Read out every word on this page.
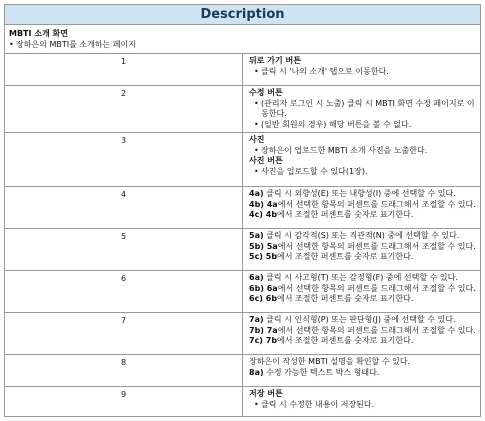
Description	

MBTI 소개 화면
• 장하은의 MBTI를 소개하는 페이지

1	뒤로 가기 버튼
• 클릭 시 '나의 소개' 탭으로 이동한다.

2	수정 버튼
• (관리자 로그인 시 노출) 클릭 시 MBTI 화면 수정 페이지로 이동한다.
• (일반 회원의 경우) 해당 버튼을 볼 수 없다.

3	사진
• 장하은이 업로드한 MBTI 소개 사진을 노출한다.
사진 버튼
• 사진을 업로드할 수 있다(1장).

4	4a) 클릭 시 외향성(E) 또는 내향성(I) 중에 선택할 수 있다.
4b) 4a에서 선택한 항목의 퍼센트를 드래그해서 조절할 수 있다.
4c) 4b에서 조절한 퍼센트를 숫자로 표기한다.

5	5a) 클릭 시 감각적(S) 또는 직관적(N) 중에 선택할 수 있다.
5b) 5a에서 선택한 항목의 퍼센트를 드래그해서 조절할 수 있다.
5c) 5b에서 조절한 퍼센트를 숫자로 표기한다.

6	6a) 클릭 시 사고형(T) 또는 감정형(F) 중에 선택할 수 있다.
6b) 6a에서 선택한 항목의 퍼센트를 드래그해서 조절할 수 있다.
6c) 6b에서 조절한 퍼센트를 숫자로 표기한다.

7	7a) 클릭 시 인식형(P) 또는 판단형(J) 중에 선택할 수 있다.
7b) 7a에서 선택한 항목의 퍼센트를 드래그해서 조절할 수 있다.
7c) 7b에서 조절한 퍼센트를 숫자로 표기한다.

8	장하은이 작성한 MBTI 설명을 확인할 수 있다.
8a) 수정 가능한 텍스트 박스 형태다.

9	저장 버튼
• 클릭 시 수정한 내용이 저장된다.
